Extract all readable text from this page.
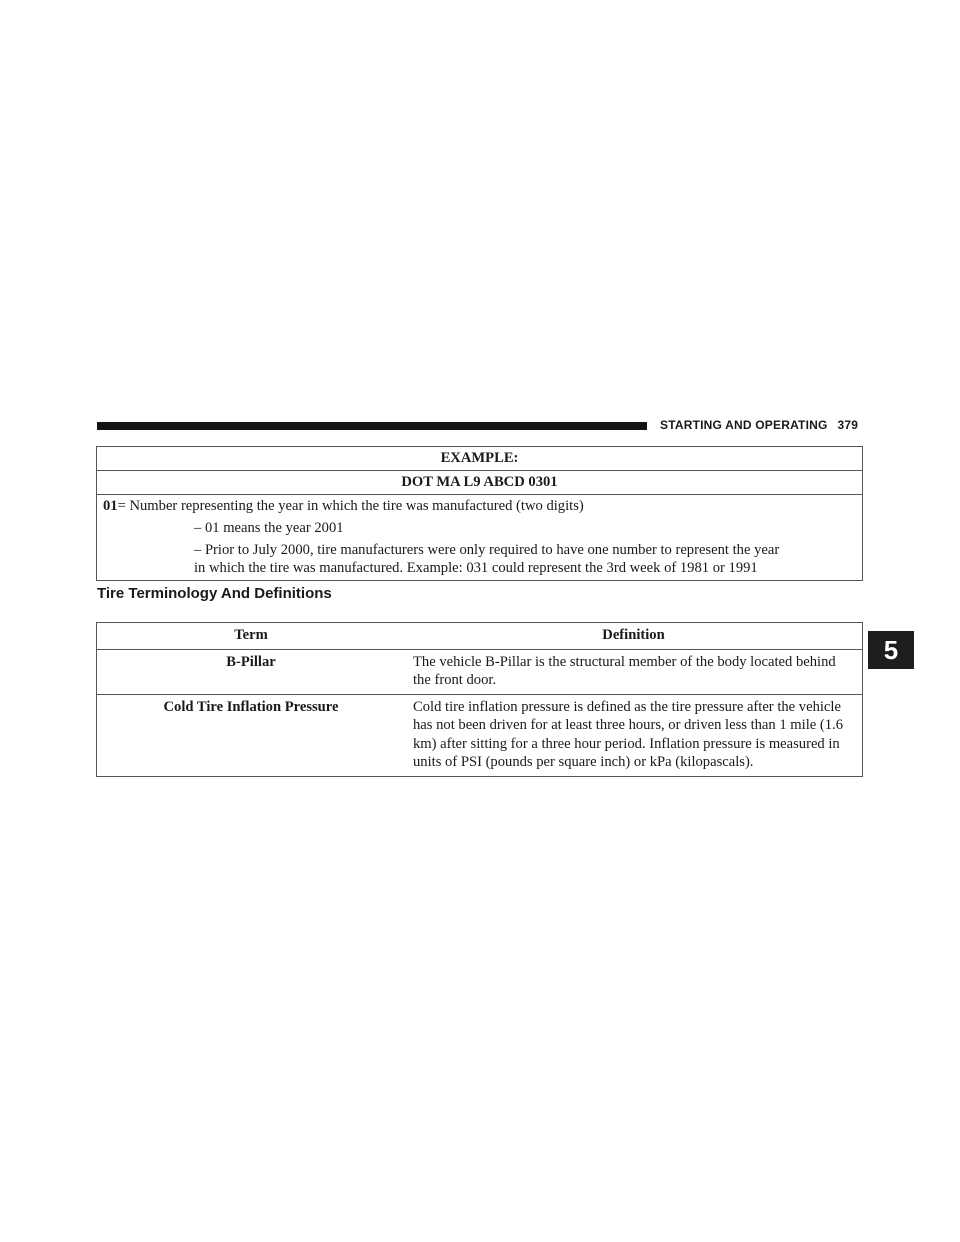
STARTING AND OPERATING 379
EXAMPLE:
DOT MA L9 ABCD 0301

01= Number representing the year in which the tire was manufactured (two digits)
– 01 means the year 2001
– Prior to July 2000, tire manufacturers were only required to have one number to represent the year
in which the tire was manufactured. Example: 031 could represent the 3rd week of 1981 or 1991
Tire Terminology And Definitions
Term	Definition
B-Pillar	The vehicle B-Pillar is the structural member of the body located behind the front door.
Cold Tire Inflation Pressure	Cold tire inflation pressure is defined as the tire pressure after the vehicle has not been driven for at least three hours, or driven less than 1 mile (1.6 km) after sitting for a three hour period. Inflation pressure is measured in units of PSI (pounds per square inch) or kPa (kilopascals).
5
